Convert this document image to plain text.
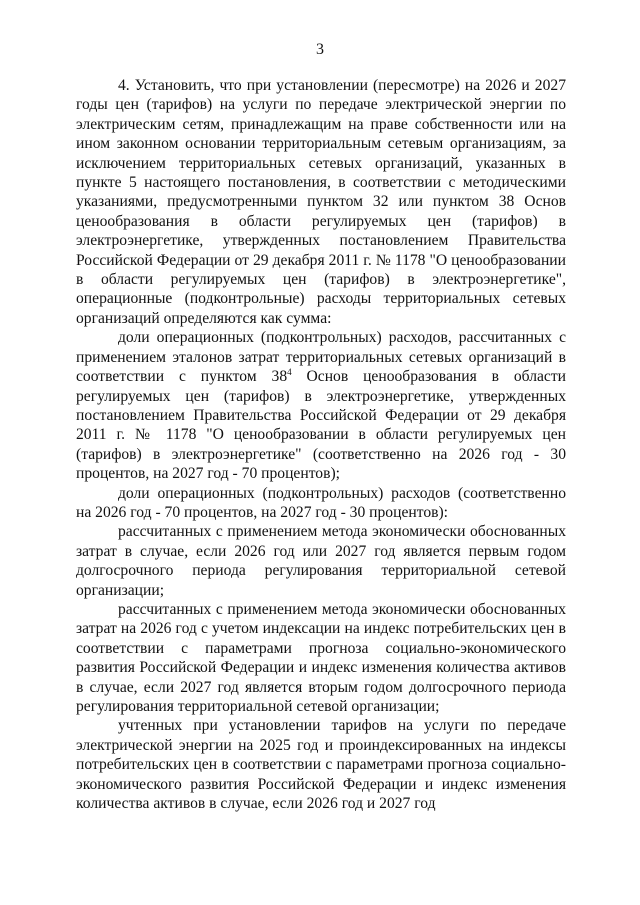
3

4. Установить, что при установлении (пересмотре) на 2026 и 2027 годы цен (тарифов) на услуги по передаче электрической энергии по электрическим сетям, принадлежащим на праве собственности или на ином законном основании территориальным сетевым организациям, за исключением территориальных сетевых организаций, указанных в пункте 5 настоящего постановления, в соответствии с методическими указаниями, предусмотренными пунктом 32 или пунктом 38 Основ ценообразования в области регулируемых цен (тарифов) в электроэнергетике, утвержденных постановлением Правительства Российской Федерации от 29 декабря 2011 г. № 1178 "О ценообразовании в области регулируемых цен (тарифов) в электроэнергетике", операционные (подконтрольные) расходы территориальных сетевых организаций определяются как сумма:

доли операционных (подконтрольных) расходов, рассчитанных с применением эталонов затрат территориальных сетевых организаций в соответствии с пунктом $38^4$ Основ ценообразования в области регулируемых цен (тарифов) в электроэнергетике, утвержденных постановлением Правительства Российской Федерации от 29 декабря 2011 г. № 1178 "О ценообразовании в области регулируемых цен (тарифов) в электроэнергетике" (соответственно на 2026 год - 30 процентов, на 2027 год - 70 процентов);

доли операционных (подконтрольных) расходов (соответственно на 2026 год - 70 процентов, на 2027 год - 30 процентов):

рассчитанных с применением метода экономически обоснованных затрат в случае, если 2026 год или 2027 год является первым годом долгосрочного периода регулирования территориальной сетевой организации;

рассчитанных с применением метода экономически обоснованных затрат на 2026 год с учетом индексации на индекс потребительских цен в соответствии с параметрами прогноза социально-экономического развития Российской Федерации и индекс изменения количества активов в случае, если 2027 год является вторым годом долгосрочного периода регулирования территориальной сетевой организации;

учтенных при установлении тарифов на услуги по передаче электрической энергии на 2025 год и проиндексированных на индексы потребительских цен в соответствии с параметрами прогноза социально-экономического развития Российской Федерации и индекс изменения количества активов в случае, если 2026 год и 2027 год
